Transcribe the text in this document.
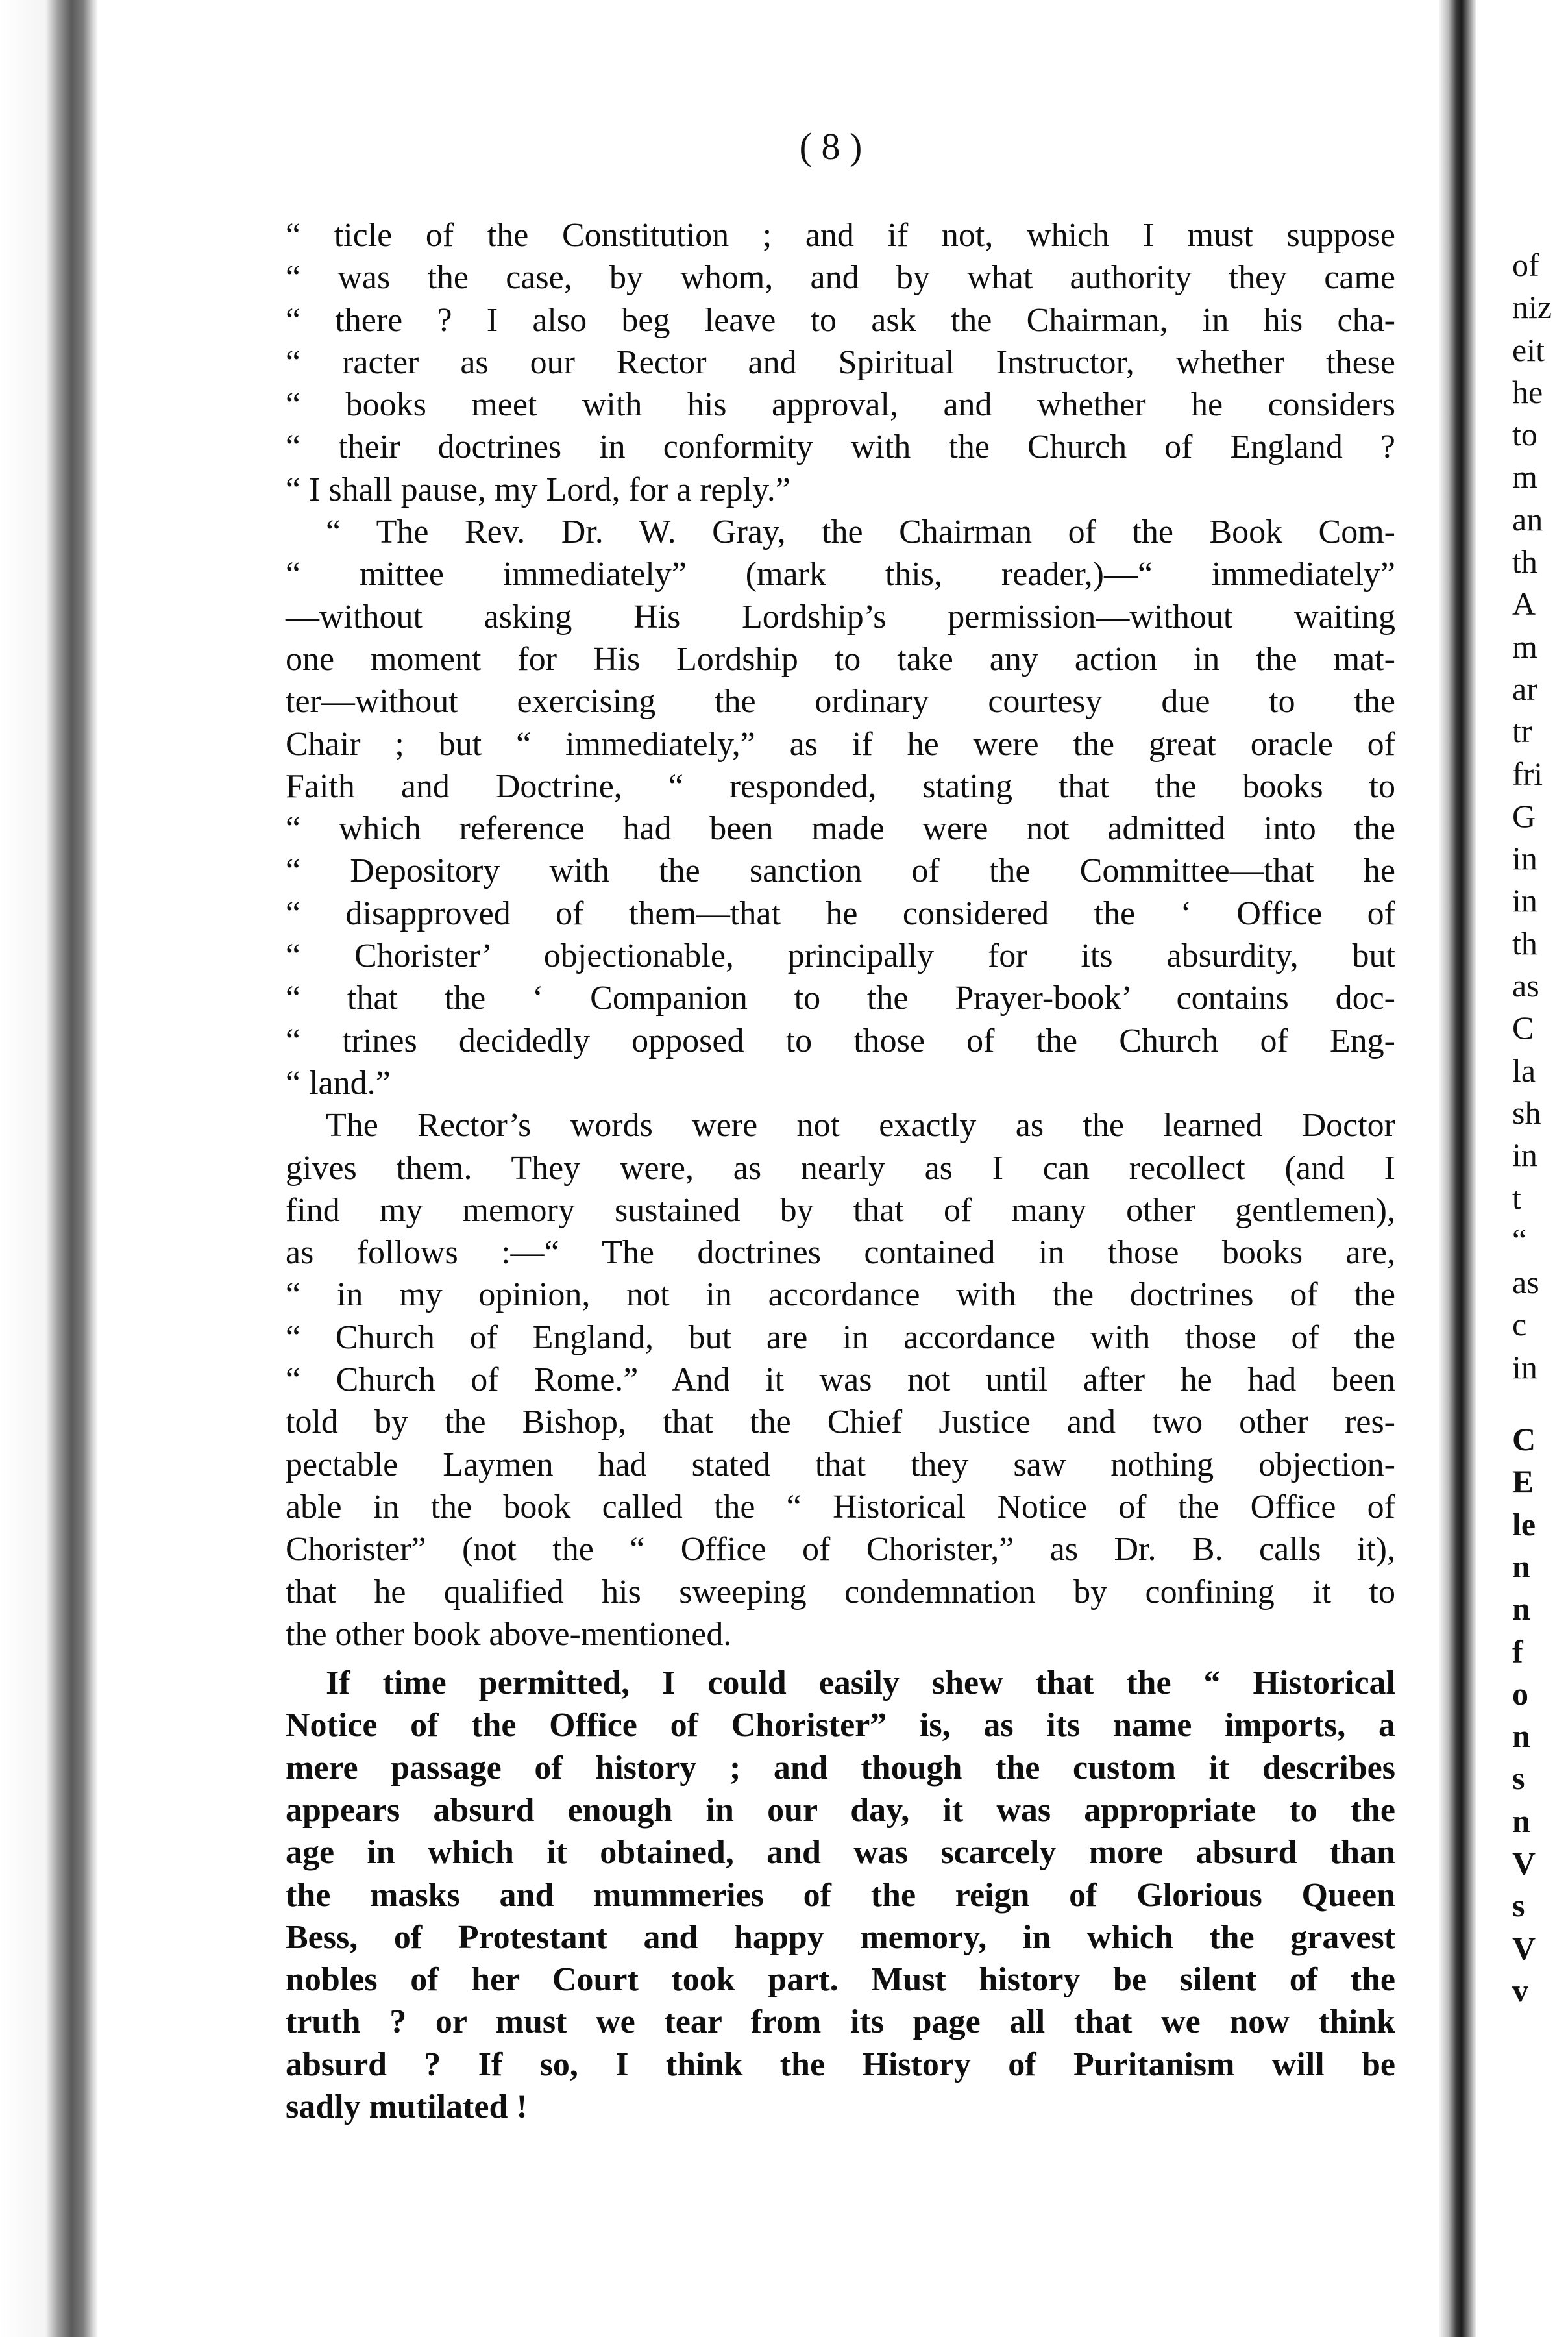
( 8 )
“ ticle of the Constitution ; and if not, which I must suppose
“ was the case, by whom, and by what authority they came
“ there ? I also beg leave to ask the Chairman, in his cha-
“ racter as our Rector and Spiritual Instructor, whether these
“ books meet with his approval, and whether he considers
“ their doctrines in conformity with the Church of England ?
“ I shall pause, my Lord, for a reply.”
“ The Rev. Dr. W. Gray, the Chairman of the Book Com-
“ mittee immediately” (mark this, reader,)—“ immediately”
—without asking His Lordship’s permission—without waiting
one moment for His Lordship to take any action in the mat-
ter—without exercising the ordinary courtesy due to the
Chair ; but “ immediately,” as if he were the great oracle of
Faith and Doctrine, “ responded, stating that the books to
“ which reference had been made were not admitted into the
“ Depository with the sanction of the Committee—that he
“ disapproved of them—that he considered the ‘ Office of
“ Chorister’ objectionable, principally for its absurdity, but
“ that the ‘ Companion to the Prayer-book’ contains doc-
“ trines decidedly opposed to those of the Church of Eng-
“ land.”
The Rector’s words were not exactly as the learned Doctor
gives them. They were, as nearly as I can recollect (and I
find my memory sustained by that of many other gentlemen),
as follows :—“ The doctrines contained in those books are,
“ in my opinion, not in accordance with the doctrines of the
“ Church of England, but are in accordance with those of the
“ Church of Rome.” And it was not until after he had been
told by the Bishop, that the Chief Justice and two other res-
pectable Laymen had stated that they saw nothing objection-
able in the book called the “ Historical Notice of the Office of
Chorister” (not the “ Office of Chorister,” as Dr. B. calls it),
that he qualified his sweeping condemnation by confining it to
the other book above-mentioned.
If time permitted, I could easily shew that the “ Historical
Notice of the Office of Chorister” is, as its name imports, a
mere passage of history ; and though the custom it describes
appears absurd enough in our day, it was appropriate to the
age in which it obtained, and was scarcely more absurd than
the masks and mummeries of the reign of Glorious Queen
Bess, of Protestant and happy memory, in which the gravest
nobles of her Court took part. Must history be silent of the
truth ? or must we tear from its page all that we now think
absurd ? If so, I think the History of Puritanism will be
sadly mutilated !
of
niz
eit
he
to
m
an
th
A
m
ar
tr
fri
G
in
in
th
as
C
la
sh
in
t
“
as
c
in
C
E
le
n
n
f
o
n
s
n
V
s
V
v
